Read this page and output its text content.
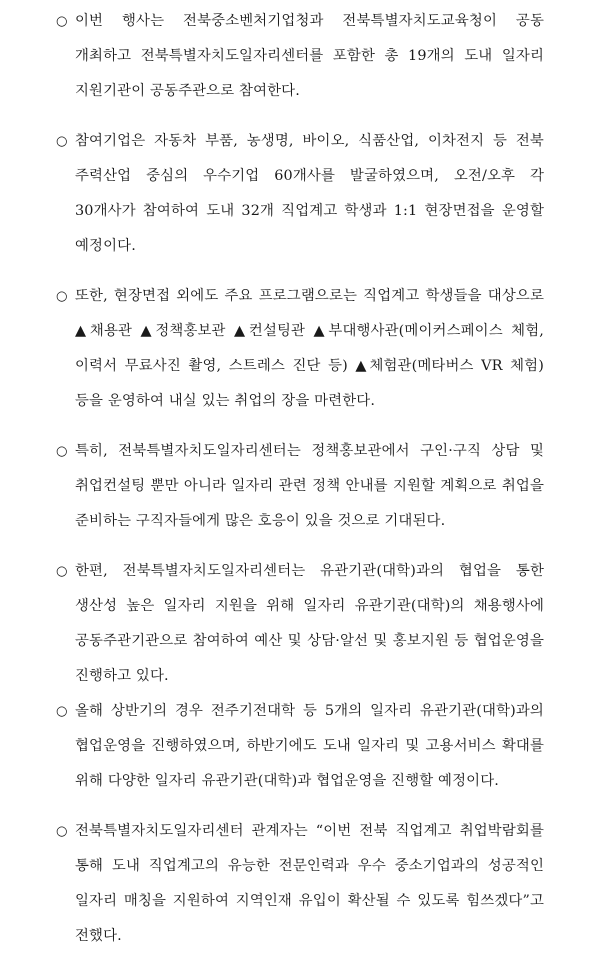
○ 이번 행사는 전북중소벤처기업청과 전북특별자치도교육청이 공동 개최하고 전북특별자치도일자리센터를 포함한 총 19개의 도내 일자리 지원기관이 공동주관으로 참여한다.

○ 참여기업은 자동차 부품, 농생명, 바이오, 식품산업, 이차전지 등 전북 주력산업 중심의 우수기업 60개사를 발굴하였으며, 오전/오후 각 30개사가 참여하여 도내 32개 직업계고 학생과 1:1 현장면접을 운영할 예정이다.

○ 또한, 현장면접 외에도 주요 프로그램으로는 직업계고 학생들을 대상으로 ▲채용관 ▲정책홍보관 ▲컨설팅관 ▲부대행사관(메이커스페이스 체험, 이력서 무료사진 촬영, 스트레스 진단 등) ▲체험관(메타버스 VR 체험) 등을 운영하여 내실 있는 취업의 장을 마련한다.

○ 특히, 전북특별자치도일자리센터는 정책홍보관에서 구인·구직 상담 및 취업컨설팅 뿐만 아니라 일자리 관련 정책 안내를 지원할 계획으로 취업을 준비하는 구직자들에게 많은 호응이 있을 것으로 기대된다.

○ 한편, 전북특별자치도일자리센터는 유관기관(대학)과의 협업을 통한 생산성 높은 일자리 지원을 위해 일자리 유관기관(대학)의 채용행사에 공동주관기관으로 참여하여 예산 및 상담·알선 및 홍보지원 등 협업운영을 진행하고 있다.

○ 올해 상반기의 경우 전주기전대학 등 5개의 일자리 유관기관(대학)과의 협업운영을 진행하였으며, 하반기에도 도내 일자리 및 고용서비스 확대를 위해 다양한 일자리 유관기관(대학)과 협업운영을 진행할 예정이다.

○ 전북특별자치도일자리센터 관계자는 “이번 전북 직업계고 취업박람회를 통해 도내 직업계고의 유능한 전문인력과 우수 중소기업과의 성공적인 일자리 매칭을 지원하여 지역인재 유입이 확산될 수 있도록 힘쓰겠다”고 전했다.
